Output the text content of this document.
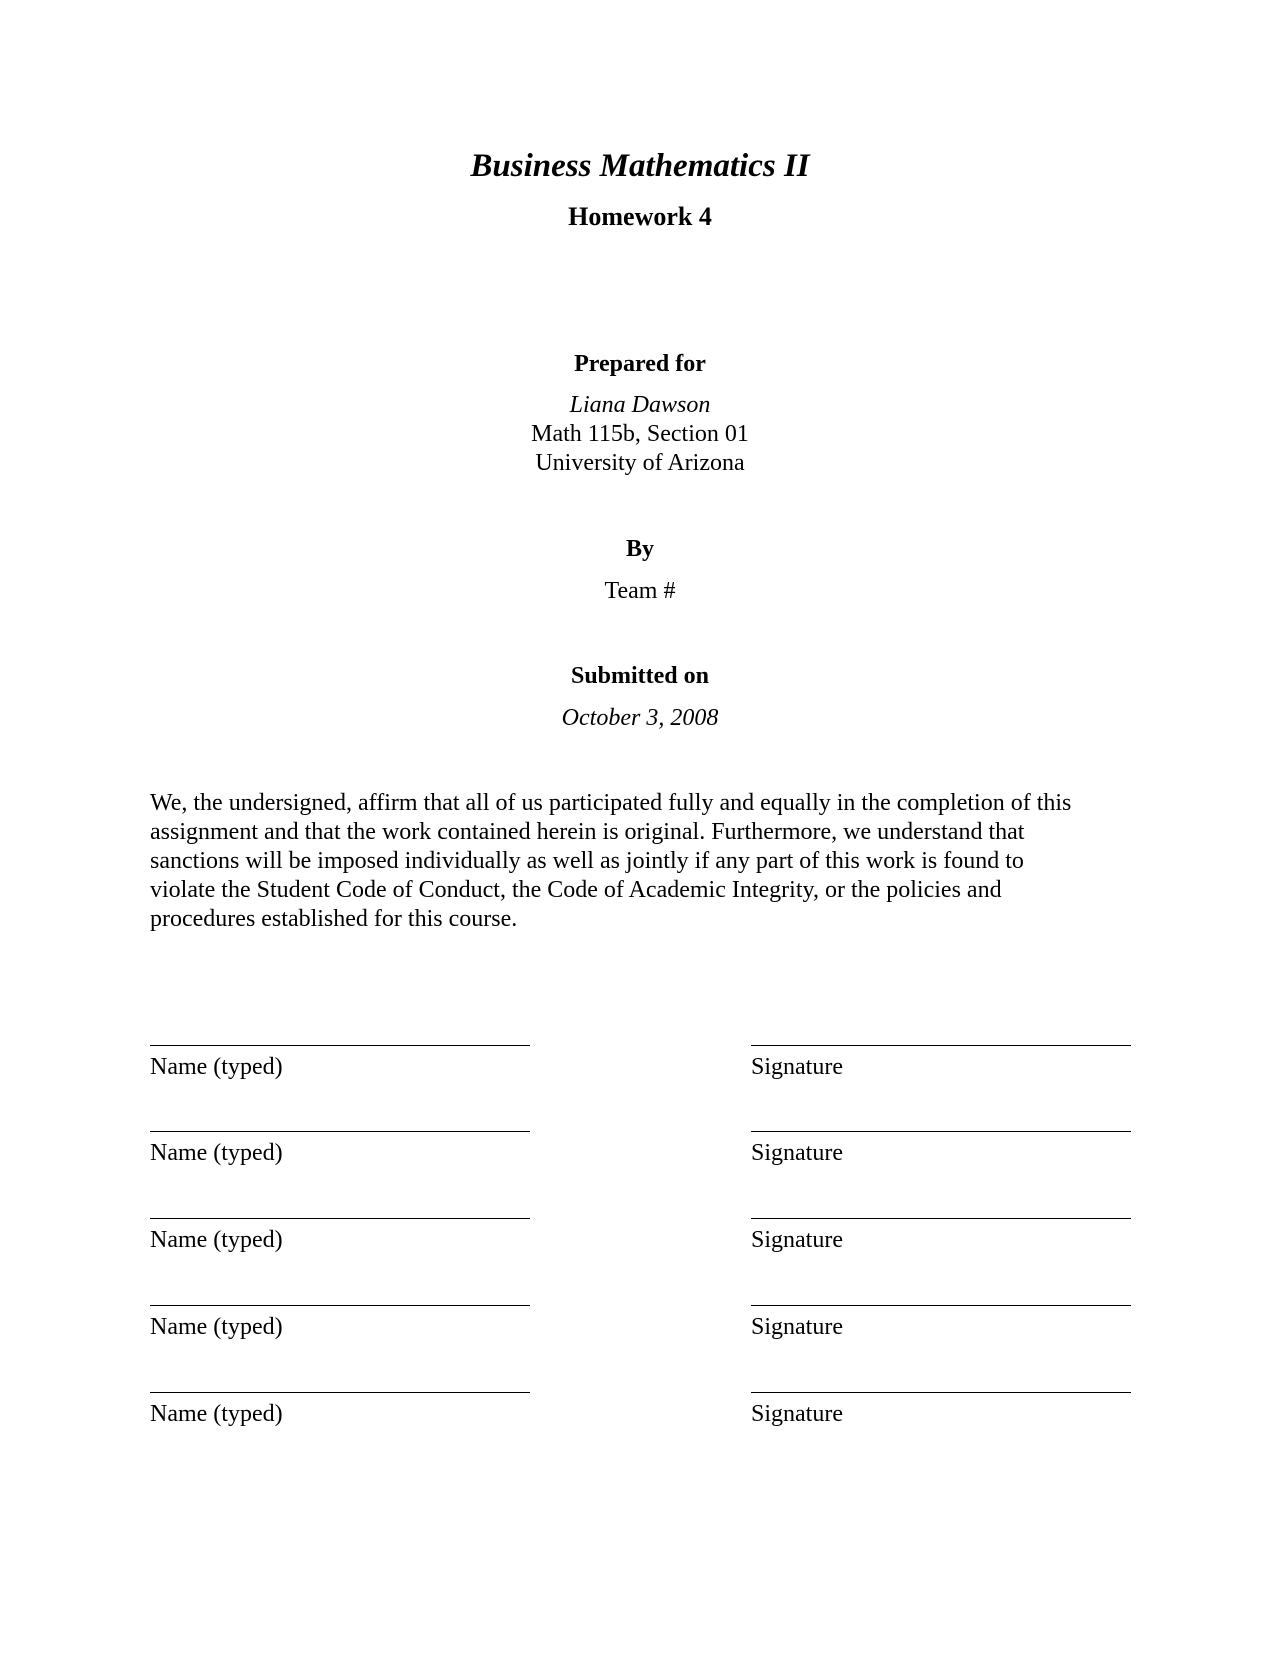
Business Mathematics II
Homework 4
Prepared for
Liana Dawson
Math 115b, Section 01
University of Arizona
By
Team #
Submitted on
October 3, 2008
We, the undersigned, affirm that all of us participated fully and equally in the completion of this
assignment and that the work contained herein is original. Furthermore, we understand that
sanctions will be imposed individually as well as jointly if any part of this work is found to
violate the Student Code of Conduct, the Code of Academic Integrity, or the policies and
procedures established for this course.
Name (typed)	Signature
Name (typed)	Signature
Name (typed)	Signature
Name (typed)	Signature
Name (typed)	Signature
